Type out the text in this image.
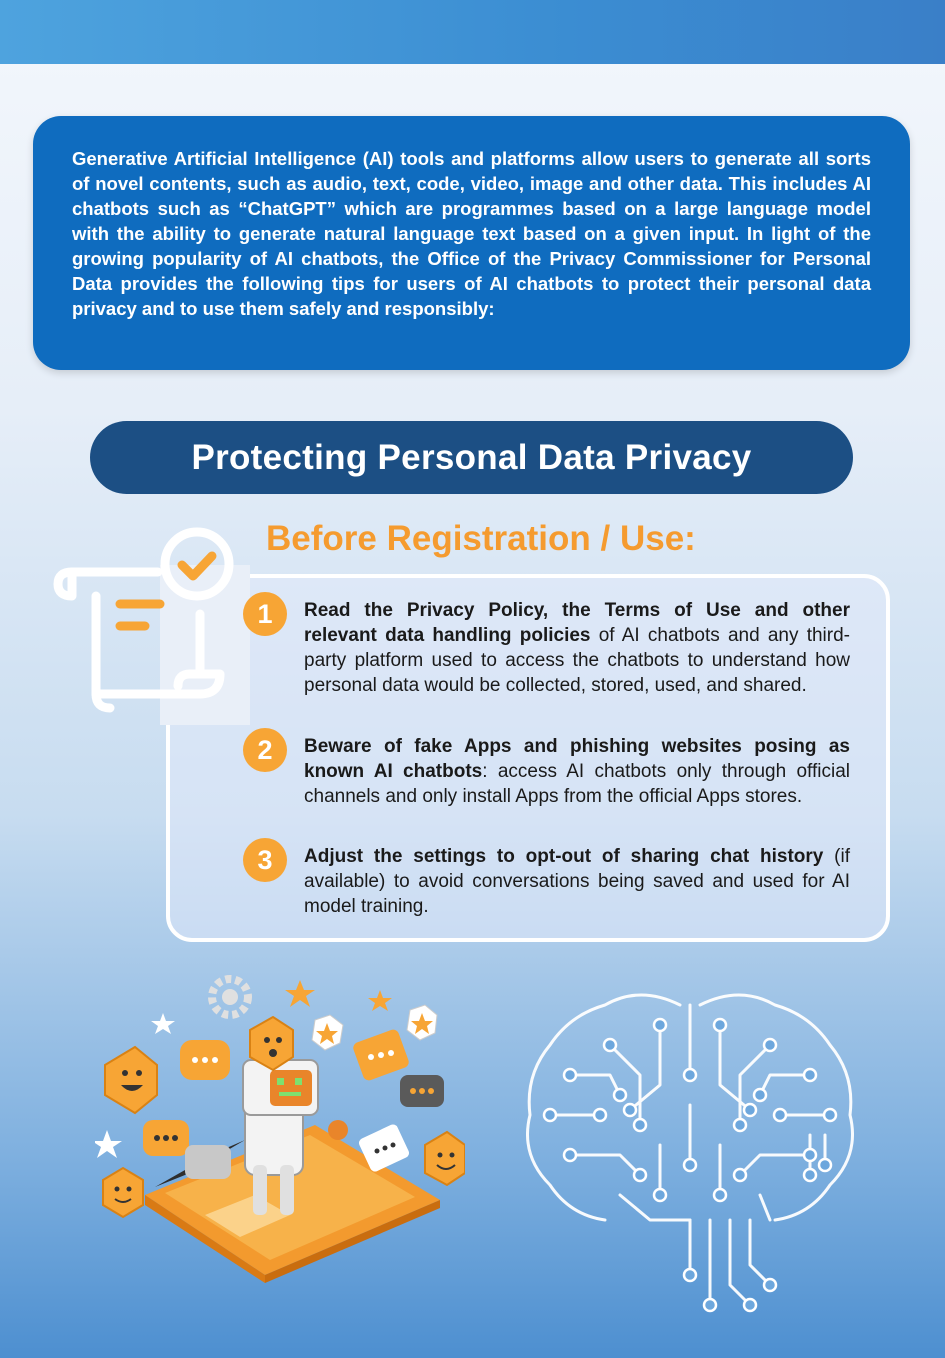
Generative Artificial Intelligence (AI) tools and platforms allow users to generate all sorts of novel contents, such as audio, text, code, video, image and other data. This includes AI chatbots such as “ChatGPT” which are programmes based on a large language model with the ability to generate natural language text based on a given input. In light of the growing popularity of AI chatbots, the Office of the Privacy Commissioner for Personal Data provides the following tips for users of AI chatbots to protect their personal data privacy and to use them safely and responsibly:

Protecting Personal Data Privacy
Before Registration / Use:
1	Read the Privacy Policy, the Terms of Use and other relevant data handling policies of AI chatbots and any third-party platform used to access the chatbots to understand how personal data would be collected, stored, used, and shared.

2	Beware of fake Apps and phishing websites posing as known AI chatbots: access AI chatbots only through official channels and only install Apps from the official Apps stores.

3	Adjust the settings to opt-out of sharing chat history (if available) to avoid conversations being saved and used for AI model training.
